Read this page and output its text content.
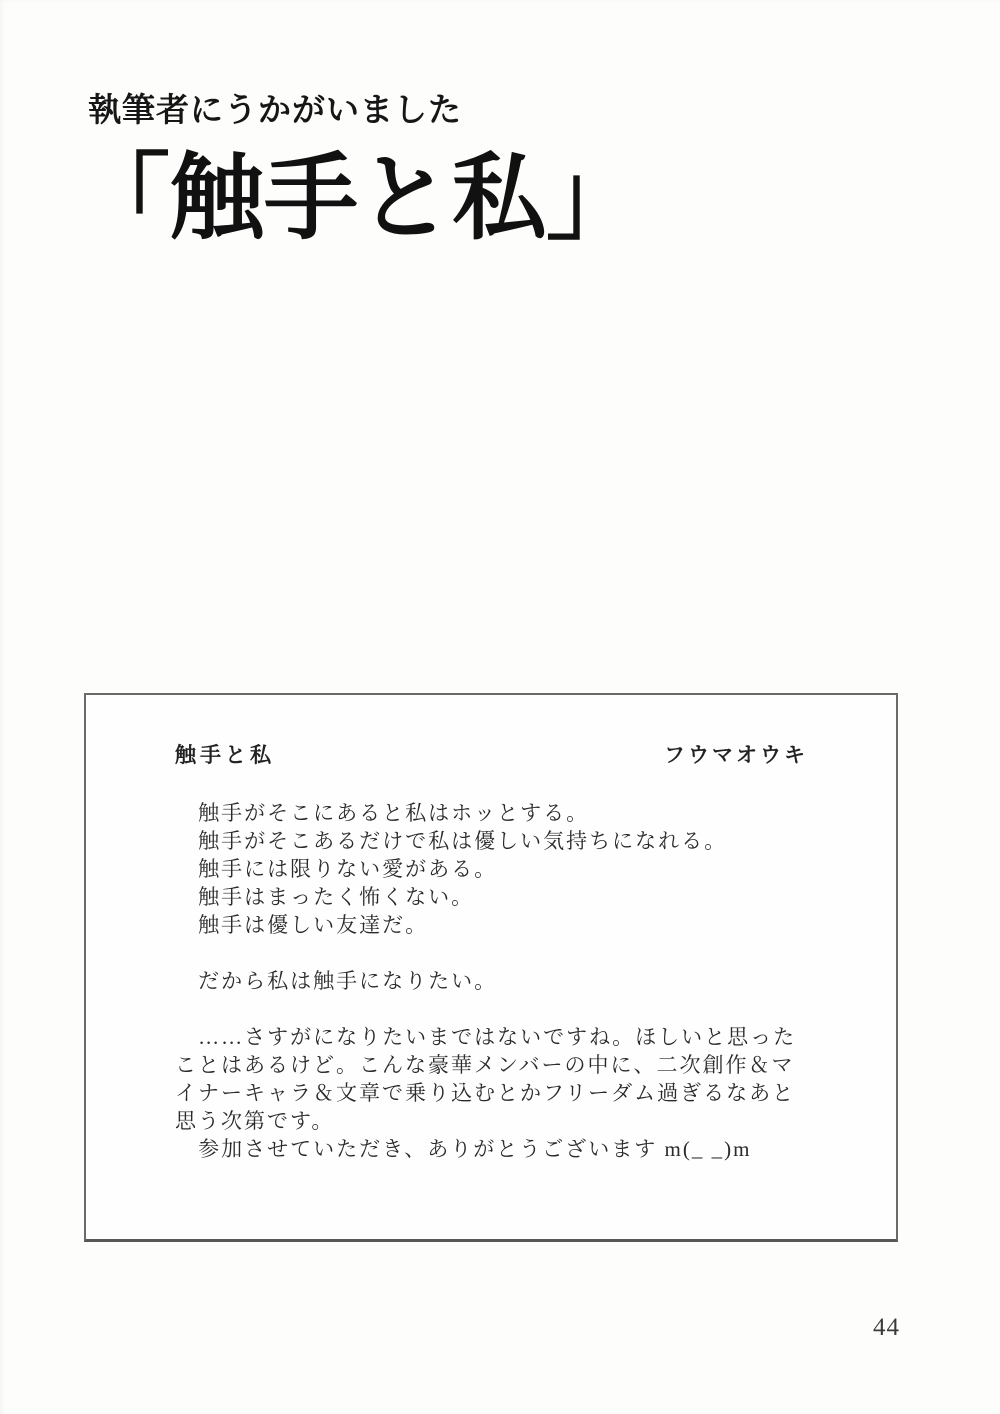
執筆者にうかがいました
「触手と私」
触手と私	フウマオウキ
触手がそこにあると私はホッとする。
触手がそこあるだけで私は優しい気持ちになれる。
触手には限りない愛がある。
触手はまったく怖くない。
触手は優しい友達だ。
だから私は触手になりたい。
……さすがになりたいまではないですね。ほしいと思った
ことはあるけど。こんな豪華メンバーの中に、二次創作＆マ
イナーキャラ＆文章で乗り込むとかフリーダム過ぎるなあと
思う次第です。
参加させていただき、ありがとうございます m(_ _)m
44
